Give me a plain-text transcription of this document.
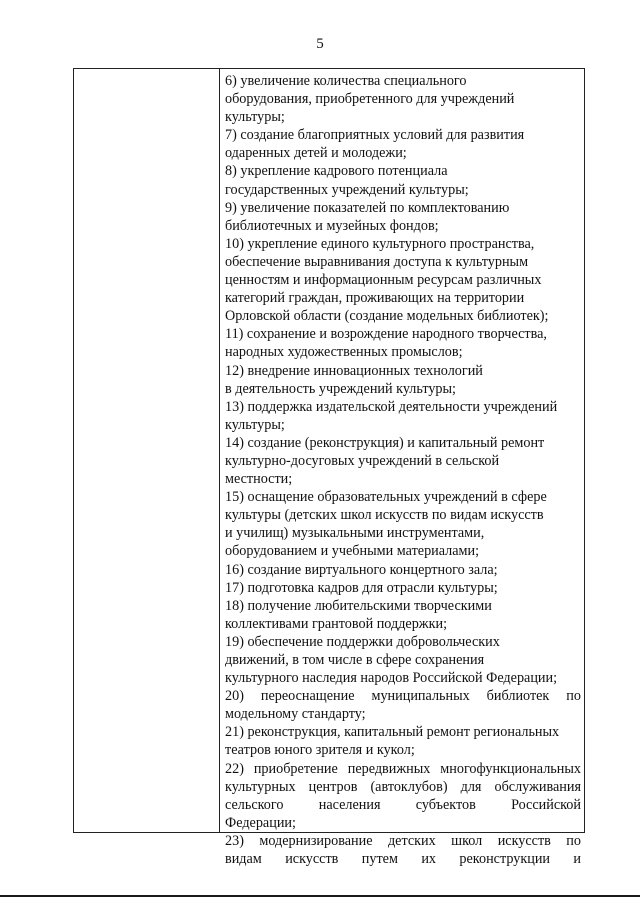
5
6) увеличение количества специального
оборудования, приобретенного для учреждений
культуры;
7) создание благоприятных условий для развития
одаренных детей и молодежи;
8) укрепление кадрового потенциала
государственных учреждений культуры;
9) увеличение показателей по комплектованию
библиотечных и музейных фондов;
10) укрепление единого культурного пространства,
обеспечение выравнивания доступа к культурным
ценностям и информационным ресурсам различных
категорий граждан, проживающих на территории
Орловской области (создание модельных библиотек);
11) сохранение и возрождение народного творчества,
народных художественных промыслов;
12) внедрение инновационных технологий
в деятельность учреждений культуры;
13) поддержка издательской деятельности учреждений
культуры;
14) создание (реконструкция) и капитальный ремонт
культурно-досуговых учреждений в сельской
местности;
15) оснащение образовательных учреждений в сфере
культуры (детских школ искусств по видам искусств
и училищ) музыкальными инструментами,
оборудованием и учебными материалами;
16) создание виртуального концертного зала;
17) подготовка кадров для отрасли культуры;
18) получение любительскими творческими
коллективами грантовой поддержки;
19) обеспечение поддержки добровольческих
движений, в том числе в сфере сохранения
культурного наследия народов Российской Федерации;
20) переоснащение муниципальных библиотек по
модельному стандарту;
21) реконструкция, капитальный ремонт региональных
театров юного зрителя и кукол;
22) приобретение передвижных многофункциональных
культурных центров (автоклубов) для обслуживания
сельского населения субъектов Российской
Федерации;
23) модернизирование детских школ искусств по
видам искусств путем их реконструкции и
